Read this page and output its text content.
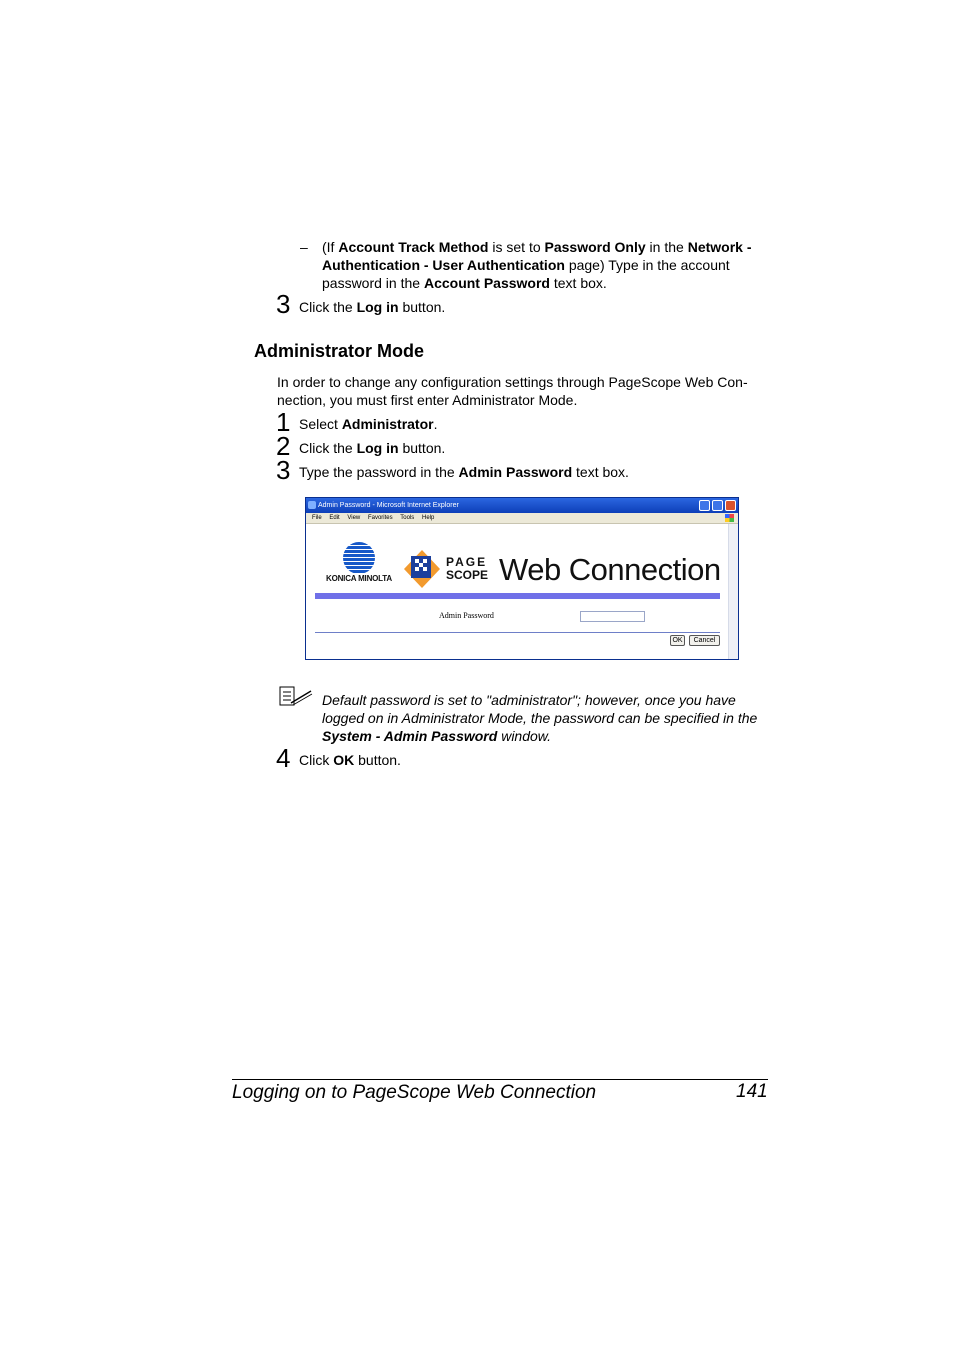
– (If Account Track Method is set to Password Only in the Network -
Authentication - User Authentication page) Type in the account
password in the Account Password text box.
3 Click the Log in button.
Administrator Mode
In order to change any configuration settings through PageScope Web Con-
nection, you must first enter Administrator Mode.
1 Select Administrator.
2 Click the Log in button.
3 Type the password in the Admin Password text box.
Admin Password - Microsoft Internet Explorer
File Edit View Favorites Tools Help
KONICA MINOLTA
PAGE
SCOPE Web Connection
Admin Password
OK	Cancel
Default password is set to "administrator"; however, once you have
logged on in Administrator Mode, the password can be specified in the
System - Admin Password window.
4 Click OK button.
Logging on to PageScope Web Connection	141
